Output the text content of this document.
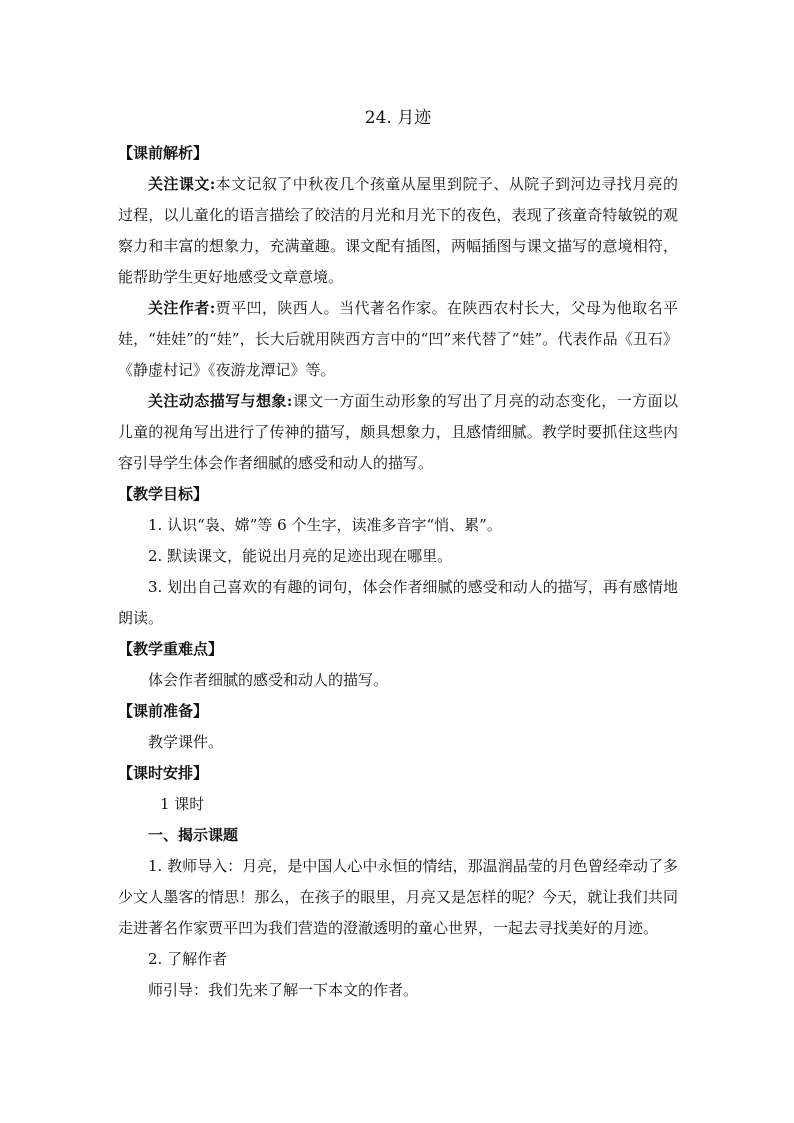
24. 月迹

【课前解析】

关注课文:本文记叙了中秋夜几个孩童从屋里到院子、从院子到河边寻找月亮的过程，以儿童化的语言描绘了皎洁的月光和月光下的夜色，表现了孩童奇特敏锐的观察力和丰富的想象力，充满童趣。课文配有插图，两幅插图与课文描写的意境相符，能帮助学生更好地感受文章意境。

关注作者:贾平凹，陕西人。当代著名作家。在陕西农村长大，父母为他取名平娃，“娃娃”的“娃”，长大后就用陕西方言中的“凹”来代替了“娃”。代表作品《丑石》《静虚村记》《夜游龙潭记》等。

关注动态描写与想象:课文一方面生动形象的写出了月亮的动态变化，一方面以儿童的视角写出进行了传神的描写，颇具想象力，且感情细腻。教学时要抓住这些内容引导学生体会作者细腻的感受和动人的描写。

【教学目标】

1. 认识“袅、嫦”等 6 个生字，读准多音字“悄、累”。

2. 默读课文，能说出月亮的足迹出现在哪里。

3. 划出自己喜欢的有趣的词句，体会作者细腻的感受和动人的描写，再有感情地朗读。

【教学重难点】

体会作者细腻的感受和动人的描写。

【课前准备】

教学课件。

【课时安排】

1 课时

一、揭示课题

1. 教师导入：月亮，是中国人心中永恒的情结，那温润晶莹的月色曾经牵动了多少文人墨客的情思！那么，在孩子的眼里，月亮又是怎样的呢？今天，就让我们共同走进著名作家贾平凹为我们营造的澄澈透明的童心世界，一起去寻找美好的月迹。

2. 了解作者

师引导：我们先来了解一下本文的作者。
